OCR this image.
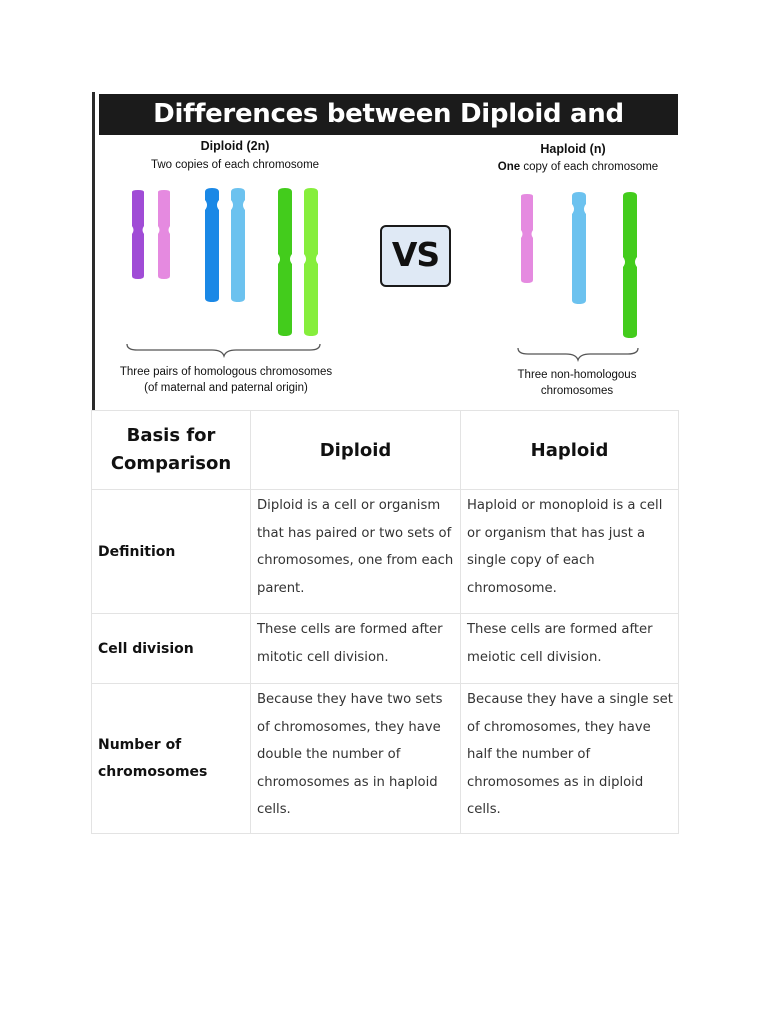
Differences between Diploid and Haploid
Diploid (2n)
Two copies of each chromosome
Haploid (n)
One copy of each chromosome
VS
Three pairs of homologous chromosomes
(of maternal and paternal origin)
Three non-homologous
chromosomes
Basis for Comparison	Diploid	Haploid
Definition	Diploid is a cell or organism that has paired or two sets of chromosomes, one from each parent.	Haploid or monoploid is a cell or organism that has just a single copy of each chromosome.

Cell division	These cells are formed after mitotic cell division.	These cells are formed after meiotic cell division.

Number of chromosomes	Because they have two sets of chromosomes, they have double the number of chromosomes as in haploid cells.	Because they have a single set of chromosomes, they have half the number of chromosomes as in diploid cells.
